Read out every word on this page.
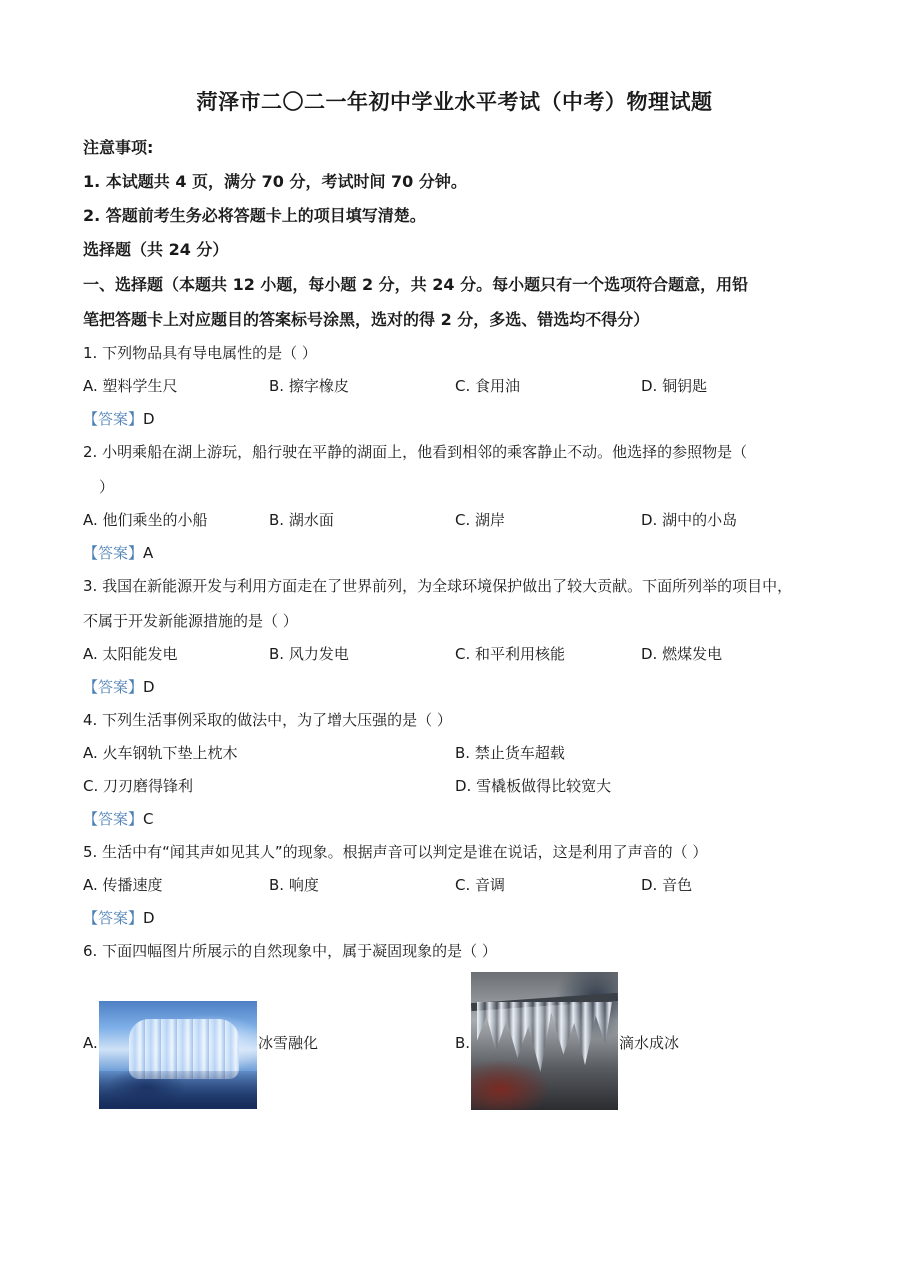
菏泽市二〇二一年初中学业水平考试（中考）物理试题
注意事项:
1. 本试题共 4 页，满分 70 分，考试时间 70 分钟。
2. 答题前考生务必将答题卡上的项目填写清楚。
选择题（共 24 分）
一、选择题（本题共 12 小题，每小题 2 分，共 24 分。每小题只有一个选项符合题意，用铅
笔把答题卡上对应题目的答案标号涂黑，选对的得 2 分，多选、错选均不得分）
1. 下列物品具有导电属性的是（ ）
A. 塑料学生尺	B. 擦字橡皮	C. 食用油	D. 铜钥匙
【答案】D
2. 小明乘船在湖上游玩，船行驶在平静的湖面上，他看到相邻的乘客静止不动。他选择的参照物是（
）
A. 他们乘坐的小船	B. 湖水面	C. 湖岸	D. 湖中的小岛
【答案】A
3. 我国在新能源开发与利用方面走在了世界前列，为全球环境保护做出了较大贡献。下面所列举的项目中，
不属于开发新能源措施的是（ ）
A. 太阳能发电	B. 风力发电	C. 和平利用核能	D. 燃煤发电
【答案】D
4. 下列生活事例采取的做法中，为了增大压强的是（ ）
A. 火车钢轨下垫上枕木	B. 禁止货车超载
C. 刀刃磨得锋利	D. 雪橇板做得比较宽大
【答案】C
5. 生活中有“闻其声如见其人”的现象。根据声音可以判定是谁在说话，这是利用了声音的（ ）
A. 传播速度	B. 响度	C. 音调	D. 音色
【答案】D
6. 下面四幅图片所展示的自然现象中，属于凝固现象的是（ ）
A.	冰雪融化	B.	滴水成冰
